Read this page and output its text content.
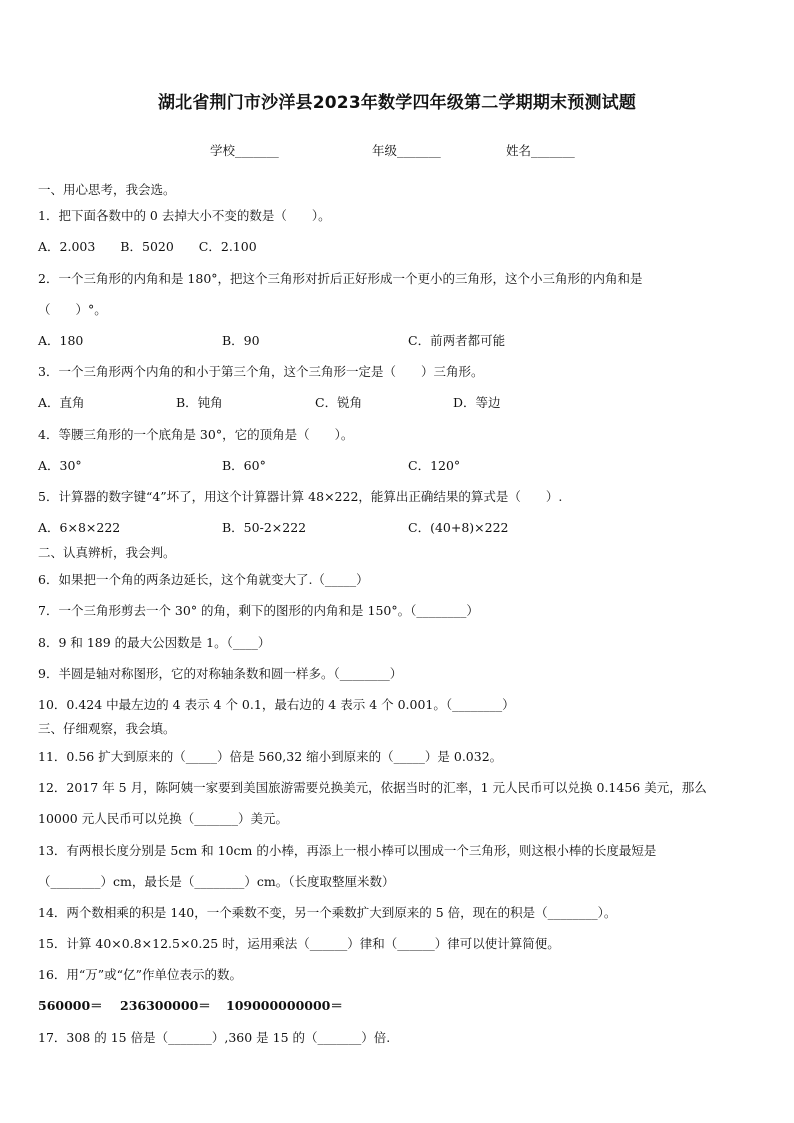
湖北省荆门市沙洋县2023年数学四年级第二学期期末预测试题
学校_______	年级_______	姓名_______
一、用心思考，我会选。
1．把下面各数中的 0 去掉大小不变的数是（　　）。
A．2.003　　B．5020　　C．2.100
2．一个三角形的内角和是 180°，把这个三角形对折后正好形成一个更小的三角形，这个小三角形的内角和是
（　　）°。
A．180	B．90	C．前两者都可能
3．一个三角形两个内角的和小于第三个角，这个三角形一定是（　　）三角形。
A．直角	B．钝角	C．锐角	D．等边
4．等腰三角形的一个底角是 30°，它的顶角是（　　）。
A．30°	B．60°	C．120°
5．计算器的数字键“4”坏了，用这个计算器计算 48×222，能算出正确结果的算式是（　　）.
A．6×8×222	B．50-2×222	C．(40+8)×222
二、认真辨析，我会判。
6．如果把一个角的两条边延长，这个角就变大了.（_____）
7．一个三角形剪去一个 30° 的角，剩下的图形的内角和是 150°。（________）
8．9 和 189 的最大公因数是 1。（____）
9．半圆是轴对称图形，它的对称轴条数和圆一样多。（________）
10．0.424 中最左边的 4 表示 4 个 0.1，最右边的 4 表示 4 个 0.001。（________）
三、仔细观察，我会填。
11．0.56 扩大到原来的（_____）倍是 560,32 缩小到原来的（_____）是 0.032。
12．2017 年 5 月，陈阿姨一家要到美国旅游需要兑换美元，依据当时的汇率，1 元人民币可以兑换 0.1456 美元，那么
10000 元人民币可以兑换（_______）美元。
13．有两根长度分别是 5cm 和 10cm 的小棒，再添上一根小棒可以围成一个三角形，则这根小棒的长度最短是
（________）cm，最长是（________）cm。（长度取整厘米数）
14．两个数相乘的积是 140，一个乘数不变，另一个乘数扩大到原来的 5 倍，现在的积是（________）。
15．计算 40×0.8×12.5×0.25 时，运用乘法（______）律和（______）律可以使计算简便。
16．用“万”或“亿”作单位表示的数。
560000＝ 236300000＝ 109000000000＝
17．308 的 15 倍是（_______）,360 是 15 的（_______）倍.
